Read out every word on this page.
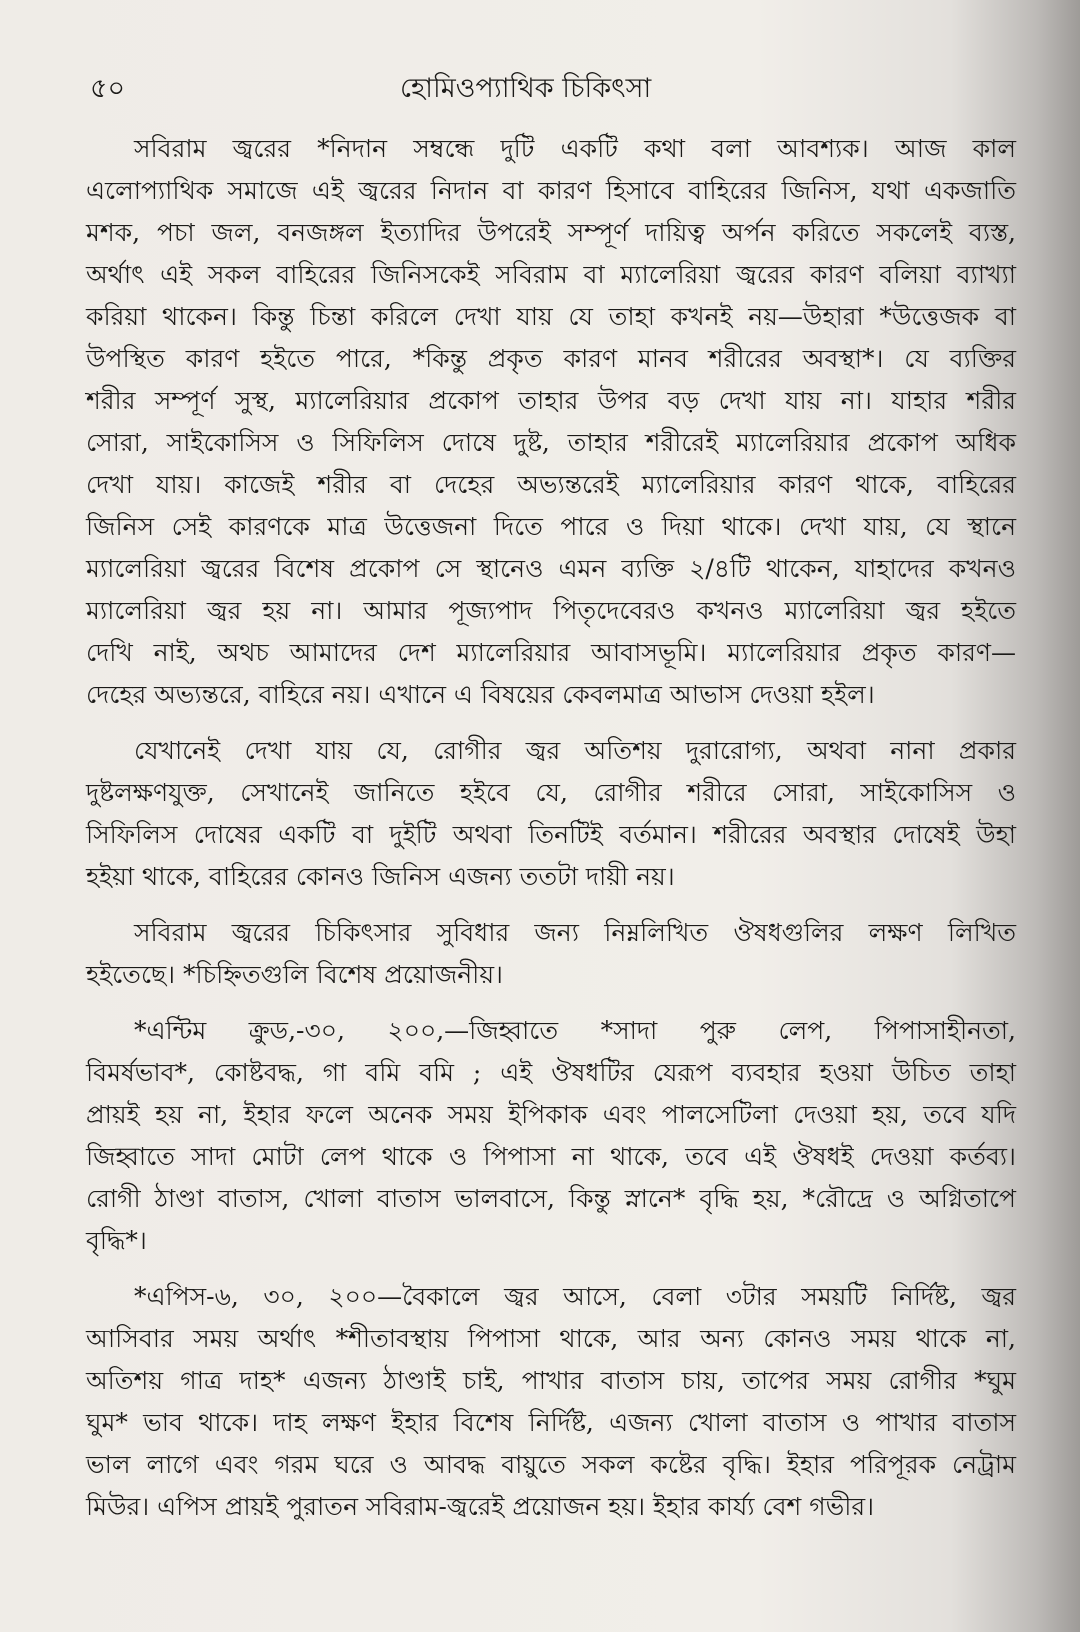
৫০	হোমিওপ্যাথিক চিকিৎসা

সবিরাম জ্বরের *নিদান সম্বন্ধে দুটি একটি কথা বলা আবশ্যক। আজ কাল
এলোপ্যাথিক সমাজে এই জ্বরের নিদান বা কারণ হিসাবে বাহিরের জিনিস, যথা একজাতি
মশক, পচা জল, বনজঙ্গল ইত্যাদির উপরেই সম্পূর্ণ দায়িত্ব অর্পন করিতে সকলেই ব্যস্ত,
অর্থাৎ এই সকল বাহিরের জিনিসকেই সবিরাম বা ম্যালেরিয়া জ্বরের কারণ বলিয়া ব্যাখ্যা
করিয়া থাকেন। কিন্তু চিন্তা করিলে দেখা যায় যে তাহা কখনই নয়—উহারা *উত্তেজক বা
উপস্থিত কারণ হইতে পারে, *কিন্তু প্রকৃত কারণ মানব শরীরের অবস্থা*। যে ব্যক্তির
শরীর সম্পূর্ণ সুস্থ, ম্যালেরিয়ার প্রকোপ তাহার উপর বড় দেখা যায় না। যাহার শরীর
সোরা, সাইকোসিস ও সিফিলিস দোষে দুষ্ট, তাহার শরীরেই ম্যালেরিয়ার প্রকোপ অধিক
দেখা যায়। কাজেই শরীর বা দেহের অভ্যন্তরেই ম্যালেরিয়ার কারণ থাকে, বাহিরের
জিনিস সেই কারণকে মাত্র উত্তেজনা দিতে পারে ও দিয়া থাকে। দেখা যায়, যে স্থানে
ম্যালেরিয়া জ্বরের বিশেষ প্রকোপ সে স্থানেও এমন ব্যক্তি ২/৪টি থাকেন, যাহাদের কখনও
ম্যালেরিয়া জ্বর হয় না। আমার পূজ্যপাদ পিতৃদেবেরও কখনও ম্যালেরিয়া জ্বর হইতে
দেখি নাই, অথচ আমাদের দেশ ম্যালেরিয়ার আবাসভূমি। ম্যালেরিয়ার প্রকৃত কারণ—
দেহের অভ্যন্তরে, বাহিরে নয়। এখানে এ বিষয়ের কেবলমাত্র আভাস দেওয়া হইল।

যেখানেই দেখা যায় যে, রোগীর জ্বর অতিশয় দুরারোগ্য, অথবা নানা প্রকার
দুষ্টলক্ষণযুক্ত, সেখানেই জানিতে হইবে যে, রোগীর শরীরে সোরা, সাইকোসিস ও
সিফিলিস দোষের একটি বা দুইটি অথবা তিনটিই বর্তমান। শরীরের অবস্থার দোষেই উহা
হইয়া থাকে, বাহিরের কোনও জিনিস এজন্য ততটা দায়ী নয়।

সবিরাম জ্বরের চিকিৎসার সুবিধার জন্য নিম্নলিখিত ঔষধগুলির লক্ষণ লিখিত
হইতেছে। *চিহ্নিতগুলি বিশেষ প্রয়োজনীয়।

*এন্টিম ক্রুড,-৩০, ২০০,—জিহ্বাতে *সাদা পুরু লেপ, পিপাসাহীনতা,
বিমর্ষভাব*, কোষ্টবদ্ধ, গা বমি বমি ; এই ঔষধটির যেরূপ ব্যবহার হওয়া উচিত তাহা
প্রায়ই হয় না, ইহার ফলে অনেক সময় ইপিকাক এবং পালসেটিলা দেওয়া হয়, তবে যদি
জিহ্বাতে সাদা মোটা লেপ থাকে ও পিপাসা না থাকে, তবে এই ঔষধই দেওয়া কর্তব্য।
রোগী ঠাণ্ডা বাতাস, খোলা বাতাস ভালবাসে, কিন্তু স্নানে* বৃদ্ধি হয়, *রৌদ্রে ও অগ্নিতাপে
বৃদ্ধি*।

*এপিস-৬, ৩০, ২০০—বৈকালে জ্বর আসে, বেলা ৩টার সময়টি নির্দিষ্ট, জ্বর
আসিবার সময় অর্থাৎ *শীতাবস্থায় পিপাসা থাকে, আর অন্য কোনও সময় থাকে না,
অতিশয় গাত্র দাহ* এজন্য ঠাণ্ডাই চাই, পাখার বাতাস চায়, তাপের সময় রোগীর *ঘুম
ঘুম* ভাব থাকে। দাহ লক্ষণ ইহার বিশেষ নির্দিষ্ট, এজন্য খোলা বাতাস ও পাখার বাতাস
ভাল লাগে এবং গরম ঘরে ও আবদ্ধ বায়ুতে সকল কষ্টের বৃদ্ধি। ইহার পরিপূরক নেট্রাম
মিউর। এপিস প্রায়ই পুরাতন সবিরাম-জ্বরেই প্রয়োজন হয়। ইহার কার্য্য বেশ গভীর।
